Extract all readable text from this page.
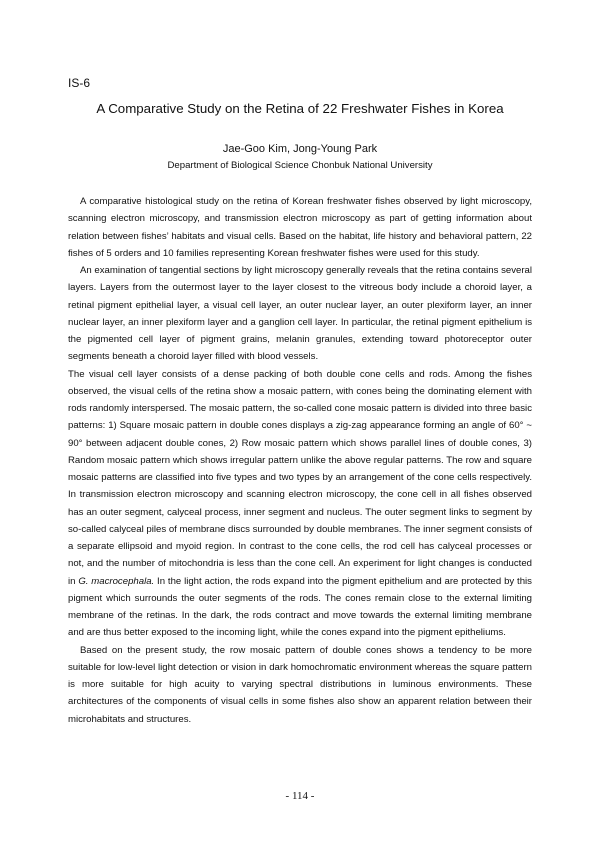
IS-6
A Comparative Study on the Retina of 22 Freshwater Fishes in Korea
Jae-Goo Kim, Jong-Young Park
Department of Biological Science Chonbuk National University

A comparative histological study on the retina of Korean freshwater fishes observed by light microscopy, scanning electron microscopy, and transmission electron microscopy as part of getting information about relation between fishes’ habitats and visual cells. Based on the habitat, life history and behavioral pattern, 22 fishes of 5 orders and 10 families representing Korean freshwater fishes were used for this study.

An examination of tangential sections by light microscopy generally reveals that the retina contains several layers. Layers from the outermost layer to the layer closest to the vitreous body include a choroid layer, a retinal pigment epithelial layer, a visual cell layer, an outer nuclear layer, an outer plexiform layer, an inner nuclear layer, an inner plexiform layer and a ganglion cell layer. In particular, the retinal pigment epithelium is the pigmented cell layer of pigment grains, melanin granules, extending toward photoreceptor outer segments beneath a choroid layer filled with blood vessels.

The visual cell layer consists of a dense packing of both double cone cells and rods. Among the fishes observed, the visual cells of the retina show a mosaic pattern, with cones being the dominating element with rods randomly interspersed. The mosaic pattern, the so-called cone mosaic pattern is divided into three basic patterns: 1) Square mosaic pattern in double cones displays a zig-zag appearance forming an angle of 60° ~ 90° between adjacent double cones, 2) Row mosaic pattern which shows parallel lines of double cones, 3) Random mosaic pattern which shows irregular pattern unlike the above regular patterns. The row and square mosaic patterns are classified into five types and two types by an arrangement of the cone cells respectively. In transmission electron microscopy and scanning electron microscopy, the cone cell in all fishes observed has an outer segment, calyceal process, inner segment and nucleus. The outer segment links to segment by so-called calyceal piles of membrane discs surrounded by double membranes. The inner segment consists of a separate ellipsoid and myoid region. In contrast to the cone cells, the rod cell has calyceal processes or not, and the number of mitochondria is less than the cone cell. An experiment for light changes is conducted in G. macrocephala. In the light action, the rods expand into the pigment epithelium and are protected by this pigment which surrounds the outer segments of the rods. The cones remain close to the external limiting membrane of the retinas. In the dark, the rods contract and move towards the external limiting membrane and are thus better exposed to the incoming light, while the cones expand into the pigment epitheliums.

Based on the present study, the row mosaic pattern of double cones shows a tendency to be more suitable for low-level light detection or vision in dark homochromatic environment whereas the square pattern is more suitable for high acuity to varying spectral distributions in luminous environments. These architectures of the components of visual cells in some fishes also show an apparent relation between their microhabitats and structures.

- 114 -
